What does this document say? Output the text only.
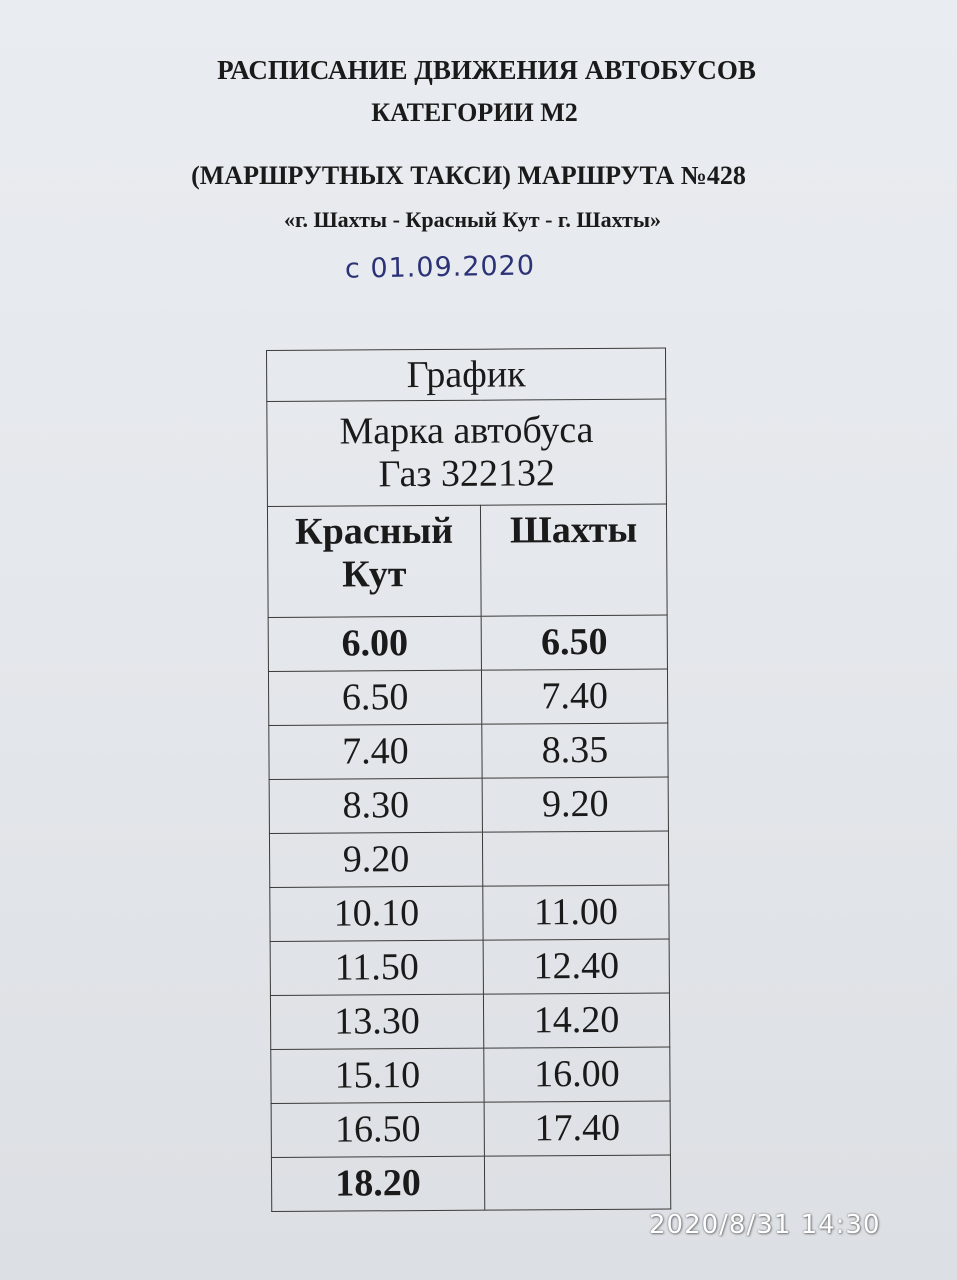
РАСПИСАНИЕ ДВИЖЕНИЯ АВТОБУСОВ
КАТЕГОРИИ М2
(МАРШРУТНЫХ ТАКСИ) МАРШРУТА №428
«г. Шахты - Красный Кут - г. Шахты»
с 01.09.2020
График	

Марка автобуса
Газ 322132	

Красный Кут	Шахты
6.00	6.50
6.50	7.40
7.40	8.35
8.30	9.20
9.20	
10.10	11.00
11.50	12.40
13.30	14.20
15.10	16.00
16.50	17.40
18.20	
2020/8/31 14:30
